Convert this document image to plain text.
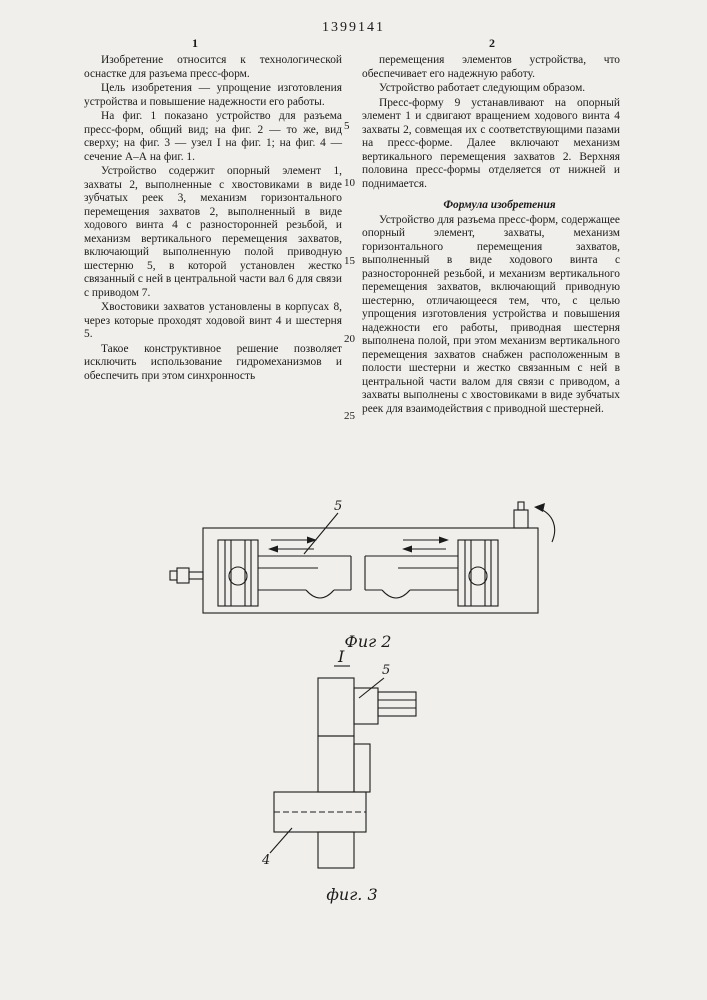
1399141
1	2

Изобретение относится к технологической оснастке для разъема пресс-форм.

Цель изобретения — упрощение изготовления устройства и повышение надежности его работы.

На фиг. 1 показано устройство для разъема пресс-форм, общий вид; на фиг. 2 — то же, вид сверху; на фиг. 3 — узел I на фиг. 1; на фиг. 4 — сечение А–А на фиг. 1.

Устройство содержит опорный элемент 1, захваты 2, выполненные с хвостовиками в виде зубчатых реек 3, механизм горизонтального перемещения захватов 2, выполненный в виде ходового винта 4 с разносторонней резьбой, и механизм вертикального перемещения захватов, включающий выполненную полой приводную шестерню 5, в которой установлен жестко связанный с ней в центральной части вал 6 для связи с приводом 7.

Хвостовики захватов установлены в корпусах 8, через которые проходят ходовой винт 4 и шестерня 5.

Такое конструктивное решение позволяет исключить использование гидромеханизмов и обеспечить при этом синхронность

перемещения элементов устройства, что обеспечивает его надежную работу.

Устройство работает следующим образом.

Пресс-форму 9 устанавливают на опорный элемент 1 и сдвигают вращением ходового винта 4 захваты 2, совмещая их с соответствующими пазами на пресс-форме. Далее включают механизм вертикального перемещения захватов 2. Верхняя половина пресс-формы отделяется от нижней и поднимается.

Формула изобретения

Устройство для разъема пресс-форм, содержащее опорный элемент, захваты, механизм горизонтального перемещения захватов, выполненный в виде ходового винта с разносторонней резьбой, и механизм вертикального перемещения захватов, включающий приводную шестерню, отличающееся тем, что, с целью упрощения изготовления устройства и повышения надежности его работы, приводная шестерня выполнена полой, при этом механизм вертикального перемещения захватов снабжен расположенным в полости шестерни и жестко связанным с ней в центральной части валом для связи с приводом, а захваты выполнены с хвостовиками в виде зубчатых реек для взаимодействия с приводной шестерней.

5
10
15
20
25
5
Фиг 2
I
5
4
фиг. 3
